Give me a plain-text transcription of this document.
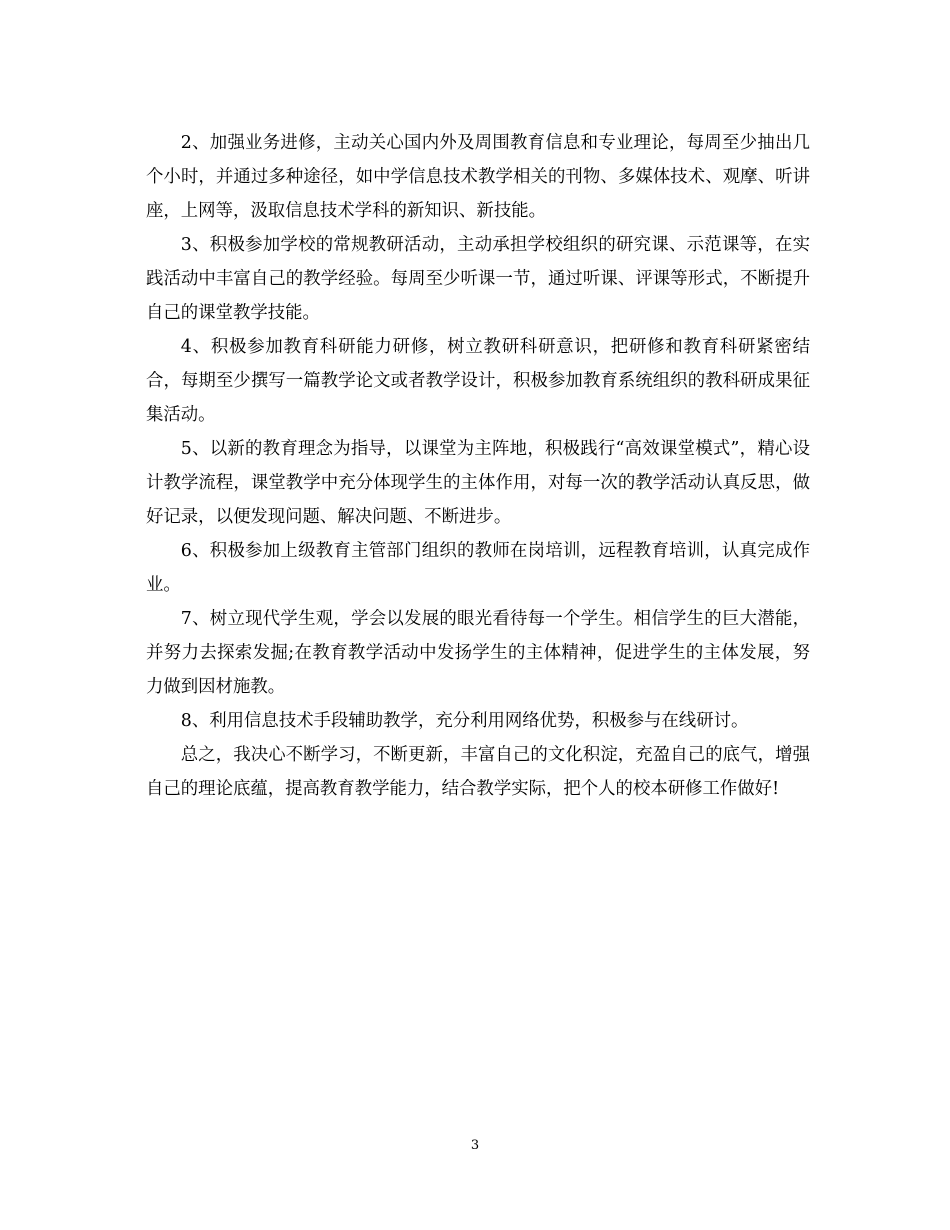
2、加强业务进修，主动关心国内外及周围教育信息和专业理论，每周至少抽出几个小时，并通过多种途径，如中学信息技术教学相关的刊物、多媒体技术、观摩、听讲座，上网等，汲取信息技术学科的新知识、新技能。

3、积极参加学校的常规教研活动，主动承担学校组织的研究课、示范课等，在实践活动中丰富自己的教学经验。每周至少听课一节，通过听课、评课等形式，不断提升自己的课堂教学技能。

4、积极参加教育科研能力研修，树立教研科研意识，把研修和教育科研紧密结合，每期至少撰写一篇教学论文或者教学设计，积极参加教育系统组织的教科研成果征集活动。

5、以新的教育理念为指导，以课堂为主阵地，积极践行“高效课堂模式”，精心设计教学流程，课堂教学中充分体现学生的主体作用，对每一次的教学活动认真反思，做好记录，以便发现问题、解决问题、不断进步。

6、积极参加上级教育主管部门组织的教师在岗培训，远程教育培训，认真完成作业。

7、树立现代学生观，学会以发展的眼光看待每一个学生。相信学生的巨大潜能，并努力去探索发掘;在教育教学活动中发扬学生的主体精神，促进学生的主体发展，努力做到因材施教。

8、利用信息技术手段辅助教学，充分利用网络优势，积极参与在线研讨。

总之，我决心不断学习，不断更新，丰富自己的文化积淀，充盈自己的底气，增强自己的理论底蕴，提高教育教学能力，结合教学实际，把个人的校本研修工作做好!

3
